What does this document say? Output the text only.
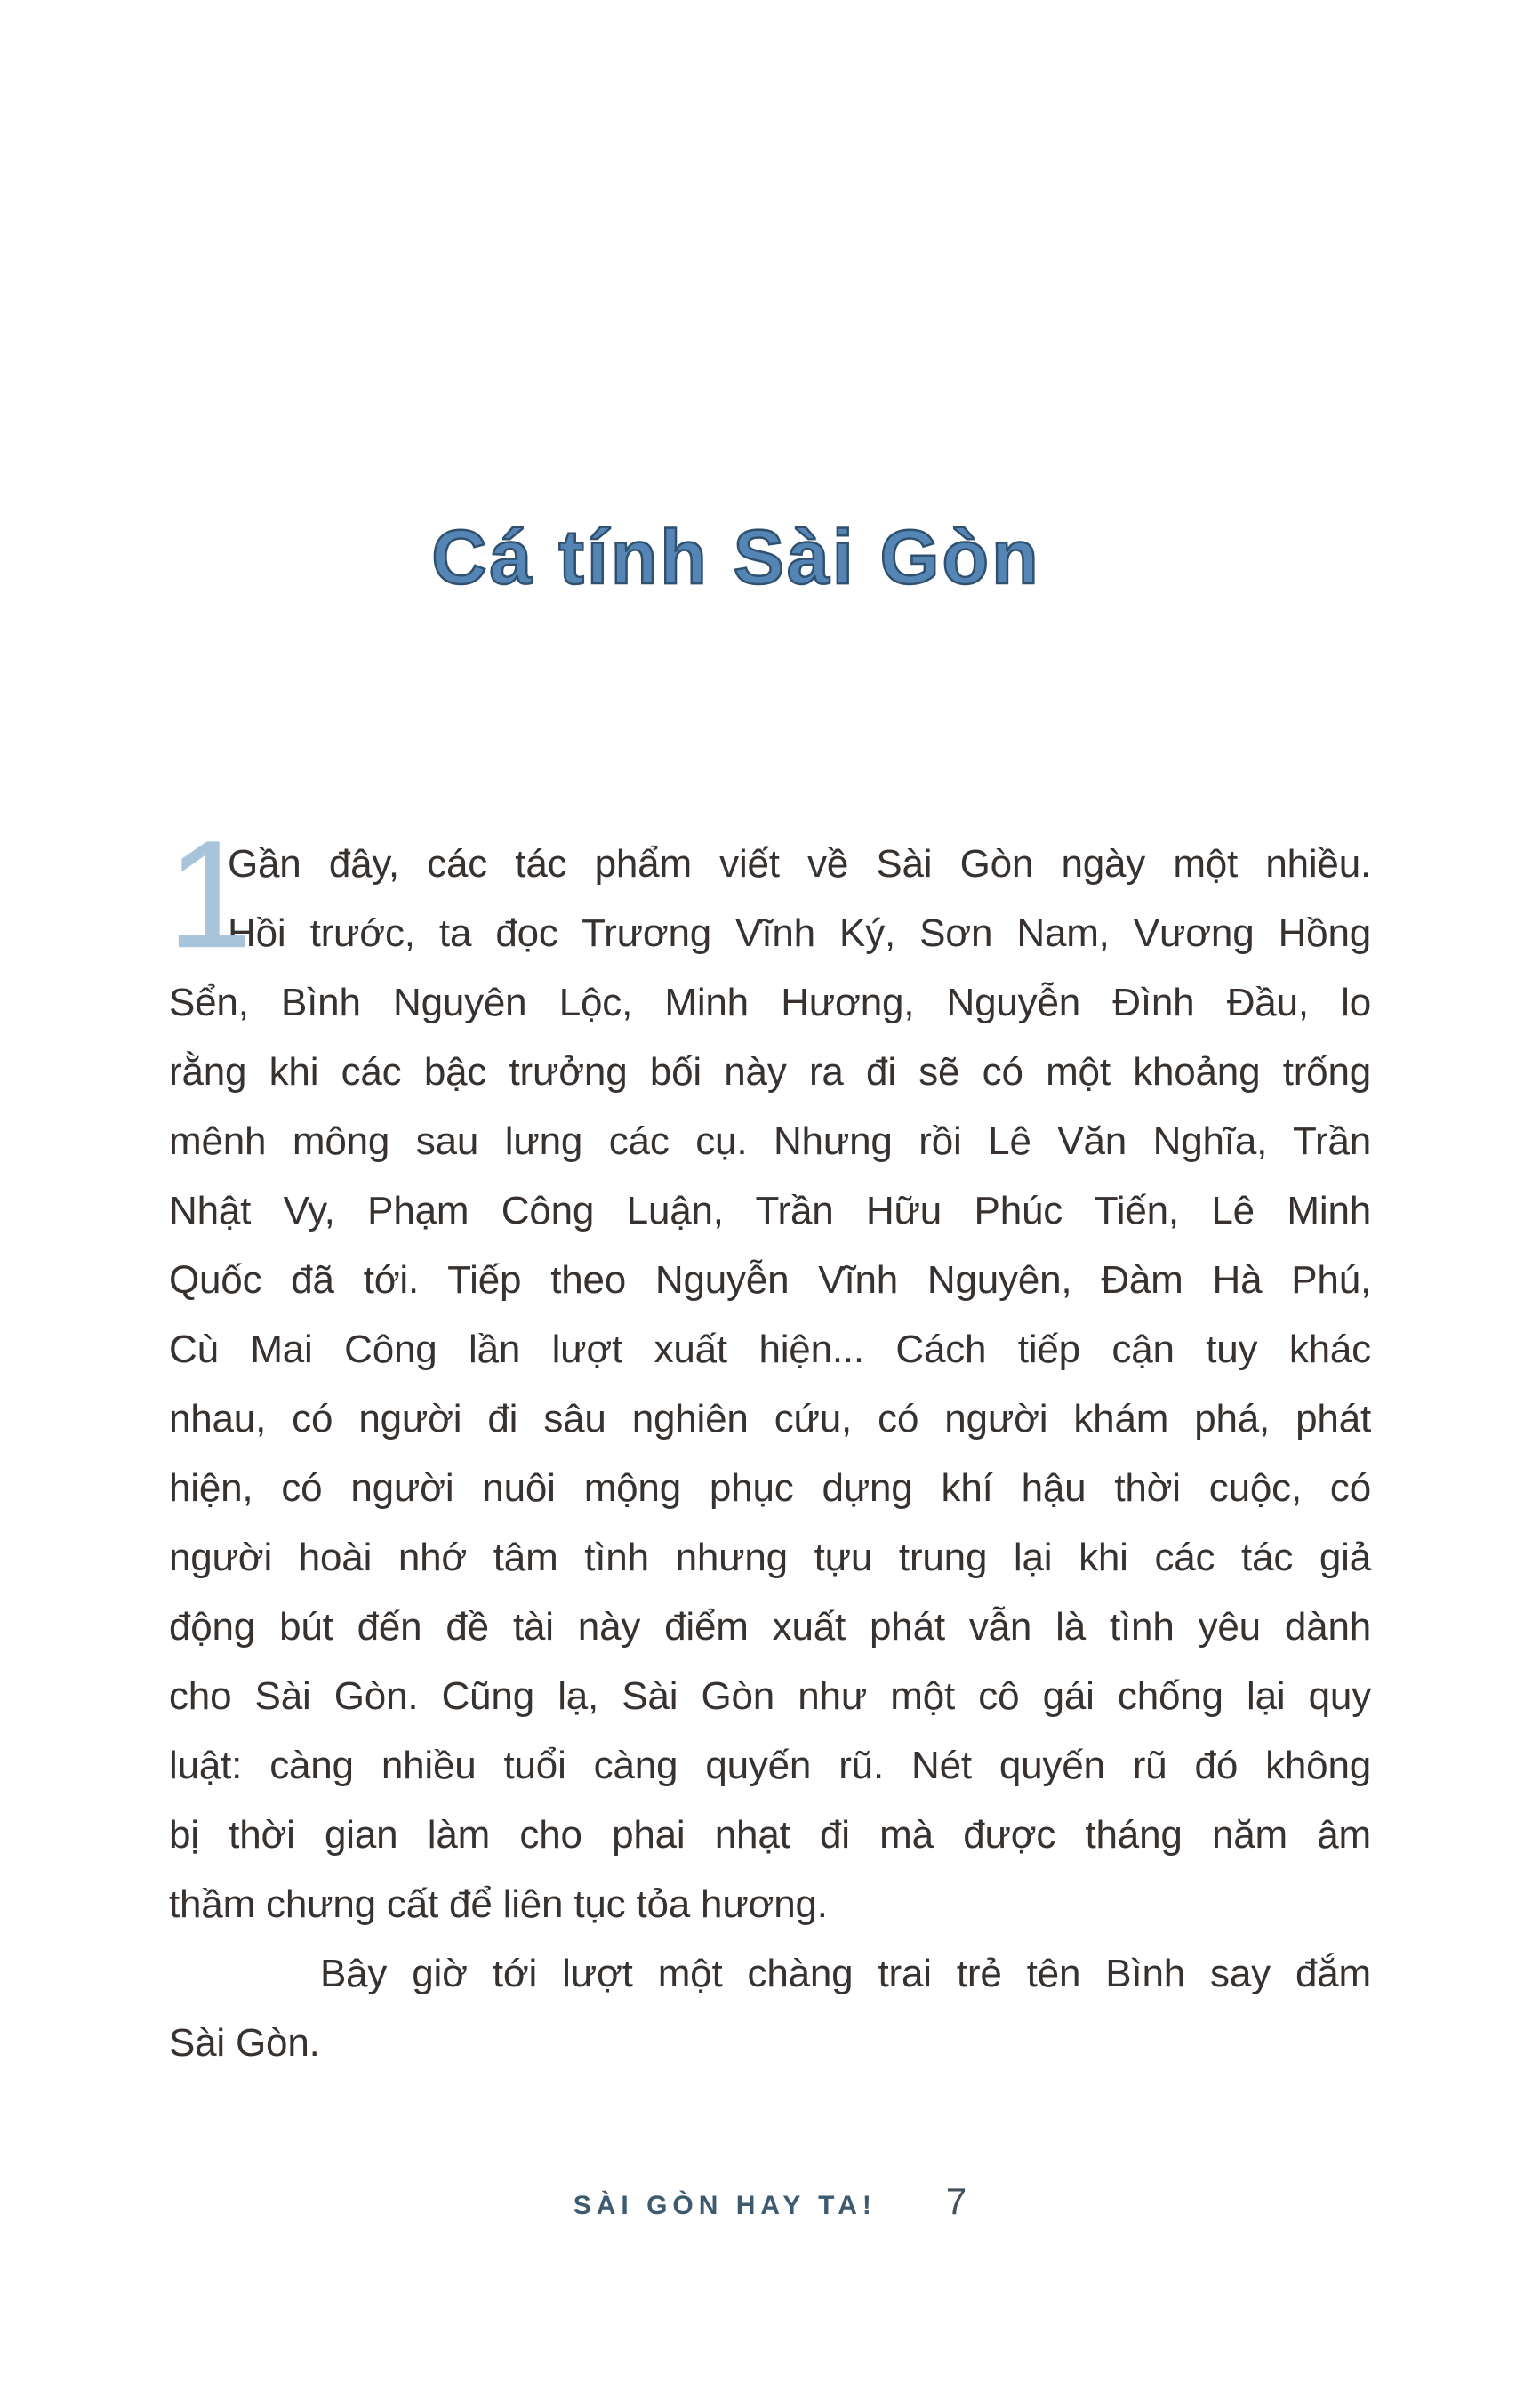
Cá tính Sài Gòn
1
Gần đây, các tác phẩm viết về Sài Gòn ngày một nhiều.
Hồi trước, ta đọc Trương Vĩnh Ký, Sơn Nam, Vương Hồng
Sển, Bình Nguyên Lộc, Minh Hương, Nguyễn Đình Đầu, lo
rằng khi các bậc trưởng bối này ra đi sẽ có một khoảng trống
mênh mông sau lưng các cụ. Nhưng rồi Lê Văn Nghĩa, Trần
Nhật Vy, Phạm Công Luận, Trần Hữu Phúc Tiến, Lê Minh
Quốc đã tới. Tiếp theo Nguyễn Vĩnh Nguyên, Đàm Hà Phú,
Cù Mai Công lần lượt xuất hiện... Cách tiếp cận tuy khác
nhau, có người đi sâu nghiên cứu, có người khám phá, phát
hiện, có người nuôi mộng phục dựng khí hậu thời cuộc, có
người hoài nhớ tâm tình nhưng tựu trung lại khi các tác giả
động bút đến đề tài này điểm xuất phát vẫn là tình yêu dành
cho Sài Gòn. Cũng lạ, Sài Gòn như một cô gái chống lại quy
luật: càng nhiều tuổi càng quyến rũ. Nét quyến rũ đó không
bị thời gian làm cho phai nhạt đi mà được tháng năm âm
thầm chưng cất để liên tục tỏa hương.
Bây giờ tới lượt một chàng trai trẻ tên Bình say đắm
Sài Gòn.
SÀI GÒN HAY TA! 7
